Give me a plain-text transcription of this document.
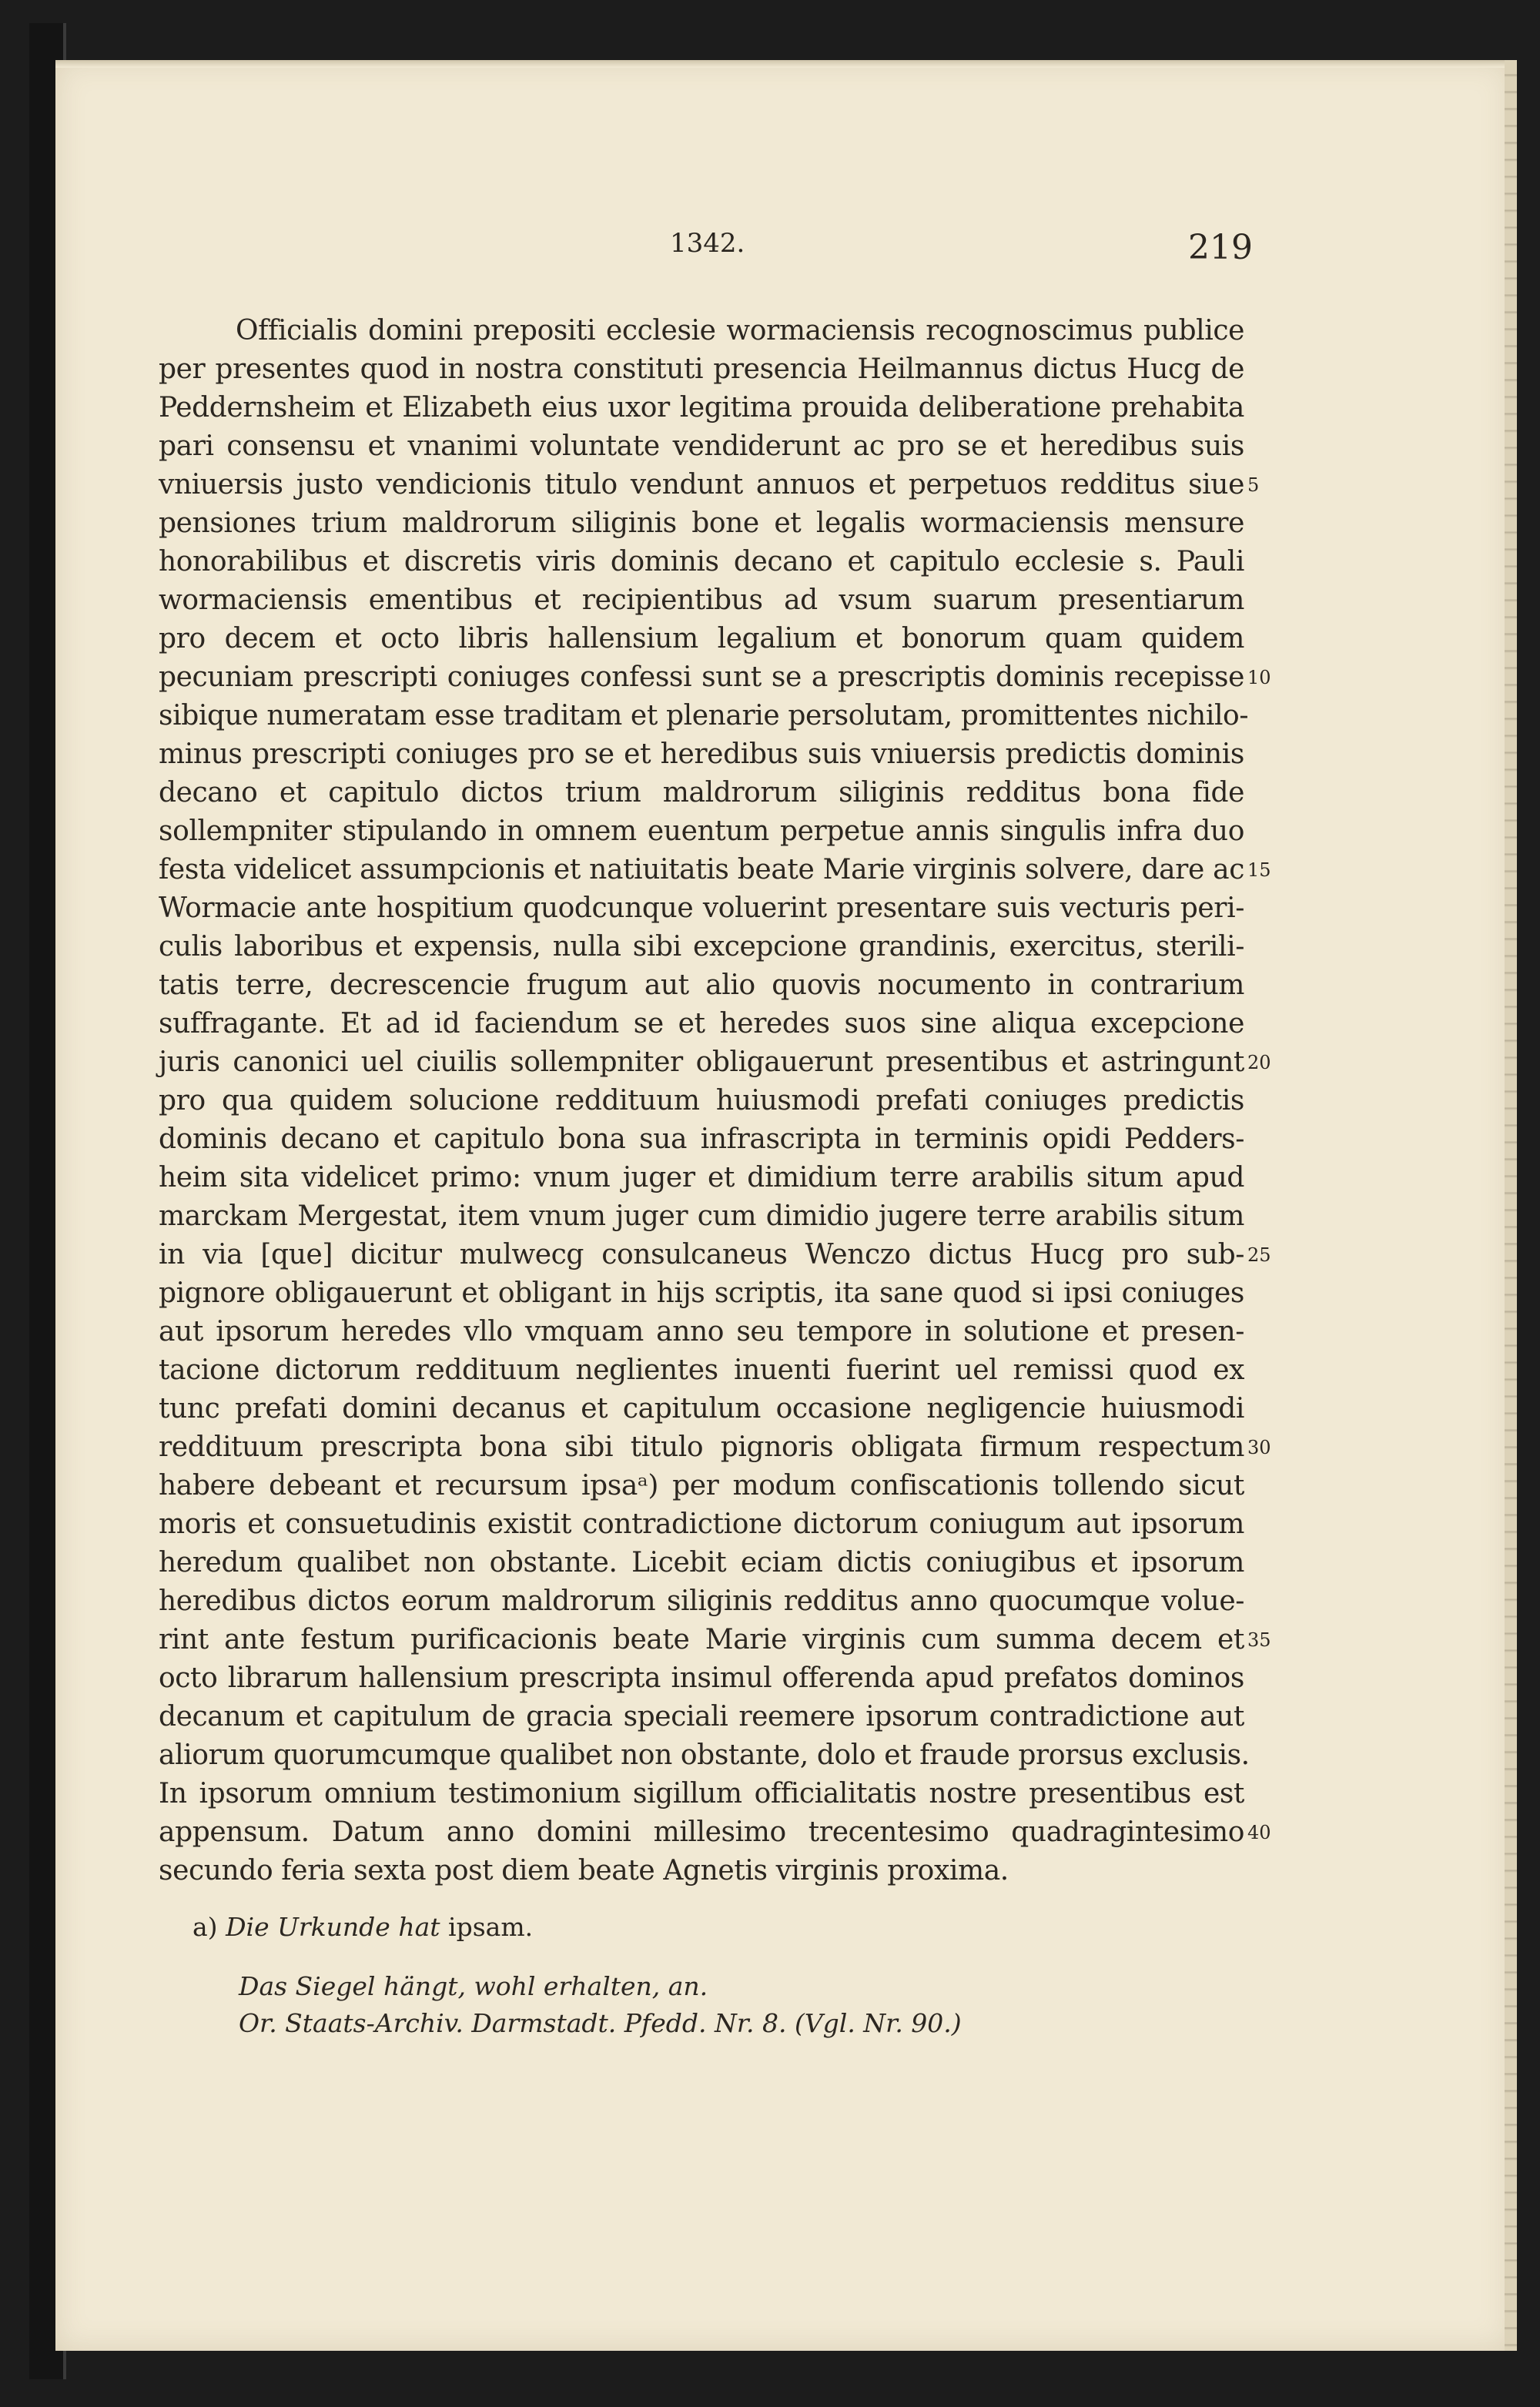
1342.	219
Officialis domini prepositi ecclesie wormaciensis recognoscimus publice
per presentes quod in nostra constituti presencia Heilmannus dictus Hucg de
Peddernsheim et Elizabeth eius uxor legitima prouida deliberatione prehabita
pari consensu et vnanimi voluntate vendiderunt ac pro se et heredibus suis
vniuersis justo vendicionis titulo vendunt annuos et perpetuos redditus siue
pensiones trium maldrorum siliginis bone et legalis wormaciensis mensure
honorabilibus et discretis viris dominis decano et capitulo ecclesie s. Pauli
wormaciensis ementibus et recipientibus ad vsum suarum presentiarum
pro decem et octo libris hallensium legalium et bonorum quam quidem
pecuniam prescripti coniuges confessi sunt se a prescriptis dominis recepisse
sibique numeratam esse traditam et plenarie persolutam, promittentes nichilo-
minus prescripti coniuges pro se et heredibus suis vniuersis predictis dominis
decano et capitulo dictos trium maldrorum siliginis redditus bona fide
sollempniter stipulando in omnem euentum perpetue annis singulis infra duo
festa videlicet assumpcionis et natiuitatis beate Marie virginis solvere, dare ac
Wormacie ante hospitium quodcunque voluerint presentare suis vecturis peri-
culis laboribus et expensis, nulla sibi excepcione grandinis, exercitus, sterili-
tatis terre, decrescencie frugum aut alio quovis nocumento in contrarium
suffragante. Et ad id faciendum se et heredes suos sine aliqua excepcione
juris canonici uel ciuilis sollempniter obligauerunt presentibus et astringunt
pro qua quidem solucione reddituum huiusmodi prefati coniuges predictis
dominis decano et capitulo bona sua infrascripta in terminis opidi Pedders-
heim sita videlicet primo: vnum juger et dimidium terre arabilis situm apud
marckam Mergestat, item vnum juger cum dimidio jugere terre arabilis situm
in via [que] dicitur mulwecg consulcaneus Wenczo dictus Hucg pro sub-
pignore obligauerunt et obligant in hijs scriptis, ita sane quod si ipsi coniuges
aut ipsorum heredes vllo vmquam anno seu tempore in solutione et presen-
tacione dictorum reddituum neglientes inuenti fuerint uel remissi quod ex
tunc prefati domini decanus et capitulum occasione negligencie huiusmodi
reddituum prescripta bona sibi titulo pignoris obligata firmum respectum
habere debeant et recursum ipsaᵃ) per modum confiscationis tollendo sicut
moris et consuetudinis existit contradictione dictorum coniugum aut ipsorum
heredum qualibet non obstante. Licebit eciam dictis coniugibus et ipsorum
heredibus dictos eorum maldrorum siliginis redditus anno quocumque volue-
rint ante festum purificacionis beate Marie virginis cum summa decem et
octo librarum hallensium prescripta insimul offerenda apud prefatos dominos
decanum et capitulum de gracia speciali reemere ipsorum contradictione aut
aliorum quorumcumque qualibet non obstante, dolo et fraude prorsus exclusis.
In ipsorum omnium testimonium sigillum officialitatis nostre presentibus est
appensum. Datum anno domini millesimo trecentesimo quadragintesimo
secundo feria sexta post diem beate Agnetis virginis proxima.
5
10
15
20
25
30
35
40
a) Die Urkunde hat ipsam.
Das Siegel hängt, wohl erhalten, an.
Or. Staats-Archiv. Darmstadt. Pfedd. Nr. 8. (Vgl. Nr. 90.)
